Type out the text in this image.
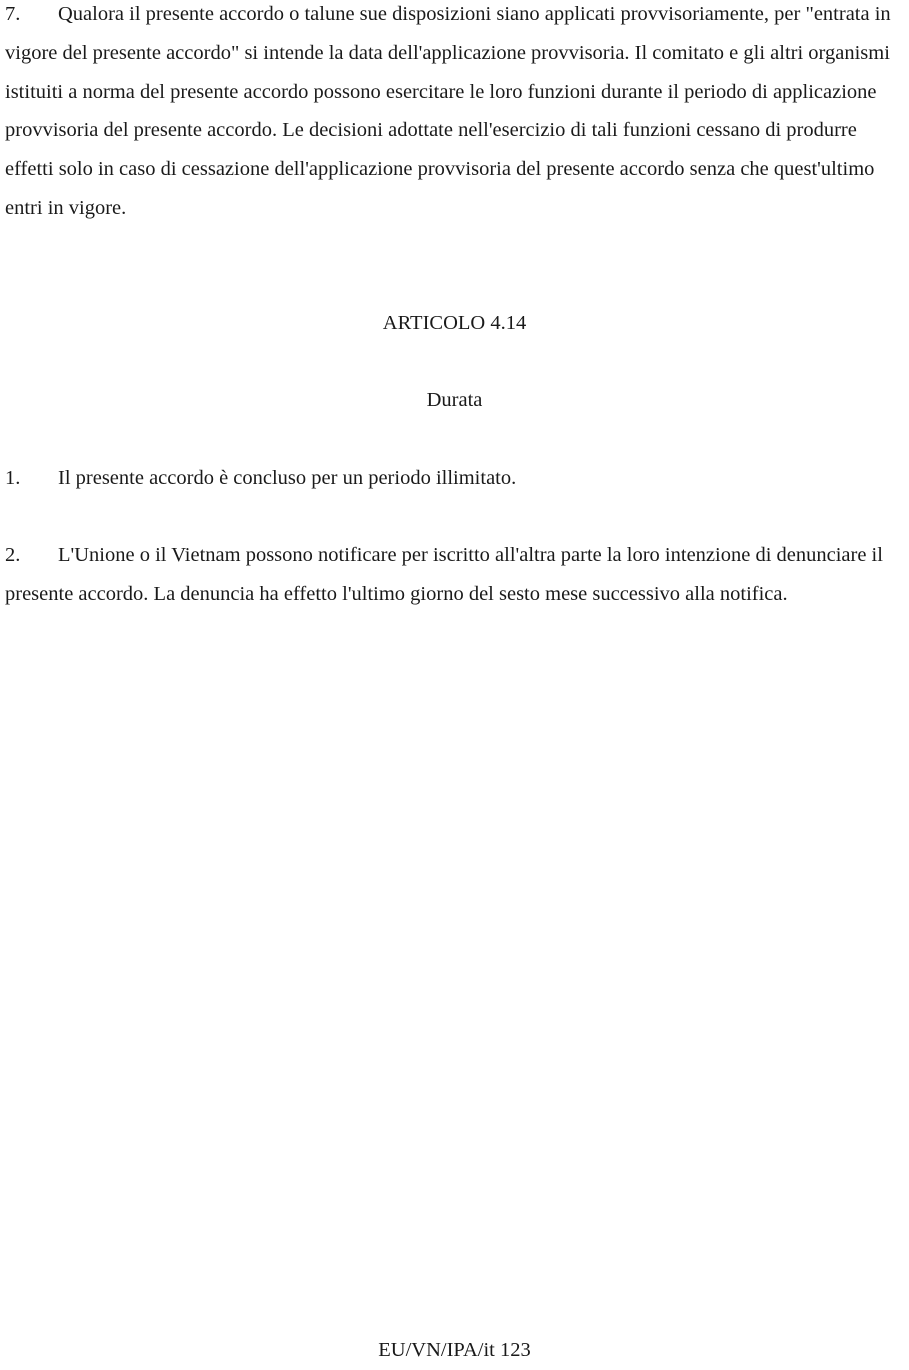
7. Qualora il presente accordo o talune sue disposizioni siano applicati provvisoriamente, per "entrata in vigore del presente accordo" si intende la data dell'applicazione provvisoria. Il comitato e gli altri organismi istituiti a norma del presente accordo possono esercitare le loro funzioni durante il periodo di applicazione provvisoria del presente accordo. Le decisioni adottate nell'esercizio di tali funzioni cessano di produrre effetti solo in caso di cessazione dell'applicazione provvisoria del presente accordo senza che quest'ultimo entri in vigore.

ARTICOLO 4.14

Durata

1. Il presente accordo è concluso per un periodo illimitato.

2. L'Unione o il Vietnam possono notificare per iscritto all'altra parte la loro intenzione di denunciare il presente accordo. La denuncia ha effetto l'ultimo giorno del sesto mese successivo alla notifica.

EU/VN/IPA/it 123
